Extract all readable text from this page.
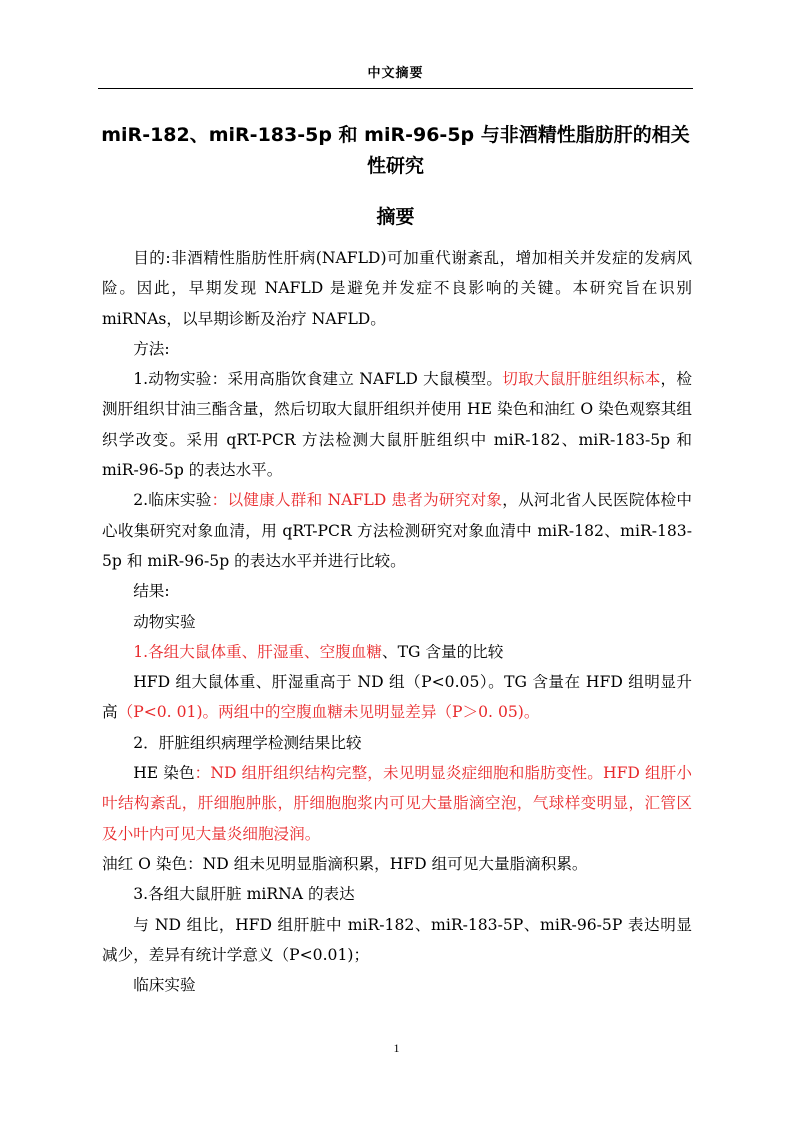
中文摘要
miR-182、miR-183-5p 和 miR-96-5p 与非酒精性脂肪肝的相关性研究
摘要

目的:非酒精性脂肪性肝病(NAFLD)可加重代谢紊乱，增加相关并发症的发病风险。因此，早期发现 NAFLD 是避免并发症不良影响的关键。本研究旨在识别 miRNAs，以早期诊断及治疗 NAFLD。

方法:

1.动物实验：采用高脂饮食建立 NAFLD 大鼠模型。切取大鼠肝脏组织标本，检测肝组织甘油三酯含量，然后切取大鼠肝组织并使用 HE 染色和油红 O 染色观察其组织学改变。采用 qRT-PCR 方法检测大鼠肝脏组织中 miR-182、miR-183-5p 和 miR-96-5p 的表达水平。

2.临床实验：以健康人群和 NAFLD 患者为研究对象，从河北省人民医院体检中心收集研究对象血清，用 qRT-PCR 方法检测研究对象血清中 miR-182、miR-183-5p 和 miR-96-5p 的表达水平并进行比较。

结果:

动物实验

1.各组大鼠体重、肝湿重、空腹血糖、TG 含量的比较

HFD 组大鼠体重、肝湿重高于 ND 组（P<0.05）。TG 含量在 HFD 组明显升高（P<0. 01)。两组中的空腹血糖未见明显差异（P＞0. 05)。

2．肝脏组织病理学检测结果比较

HE 染色：ND 组肝组织结构完整，未见明显炎症细胞和脂肪变性。HFD 组肝小叶结构紊乱，肝细胞肿胀，肝细胞胞浆内可见大量脂滴空泡，气球样变明显，汇管区及小叶内可见大量炎细胞浸润。

油红 O 染色：ND 组未见明显脂滴积累，HFD 组可见大量脂滴积累。

3.各组大鼠肝脏 miRNA 的表达

与 ND 组比，HFD 组肝脏中 miR-182、miR-183-5P、miR-96-5P 表达明显减少，差异有统计学意义（P<0.01)；

临床实验

1
